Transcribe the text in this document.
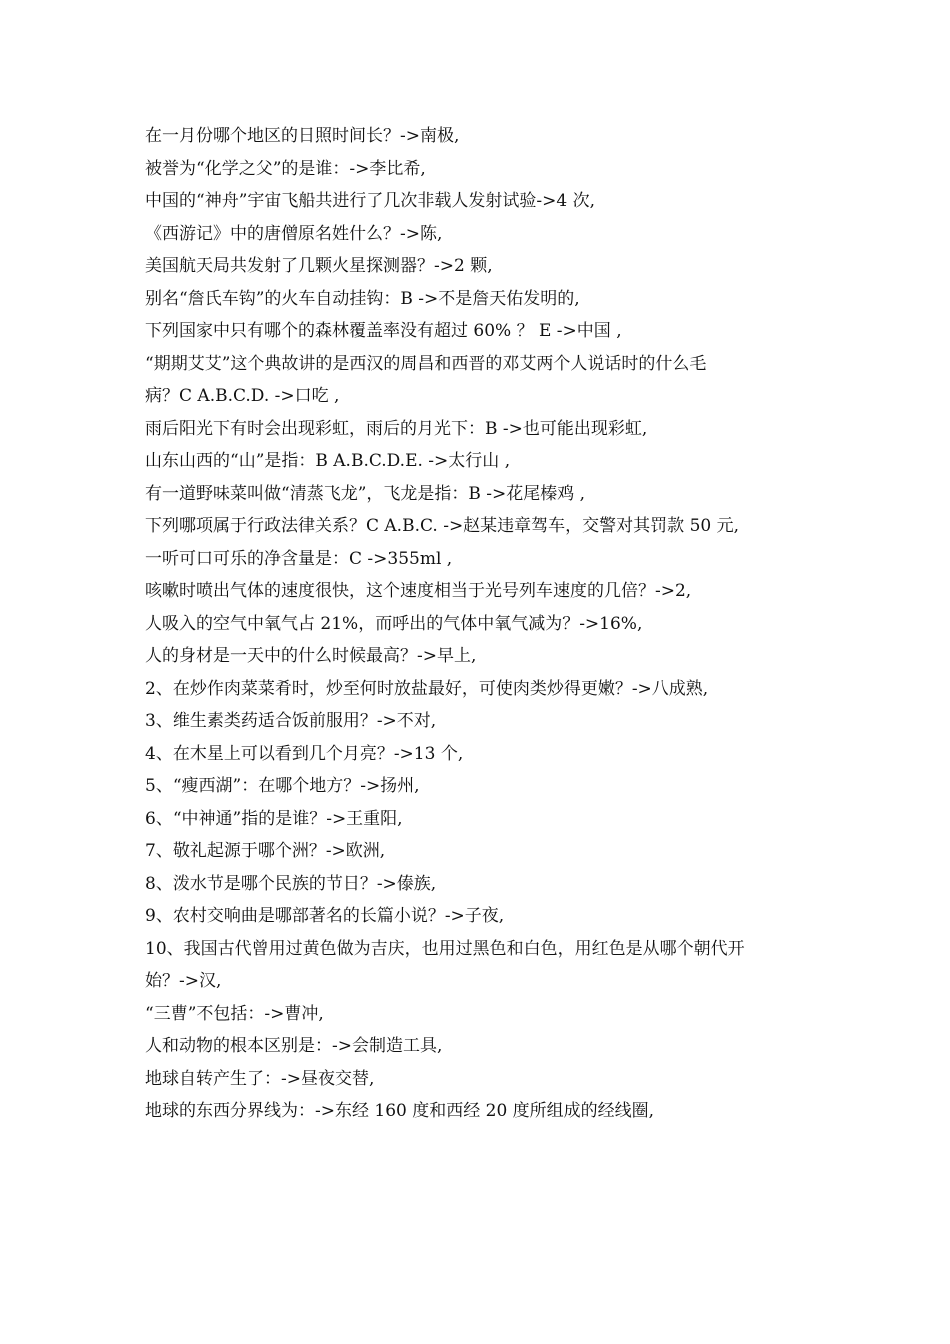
在一月份哪个地区的日照时间长？->南极,
被誉为“化学之父”的是谁：->李比希,
中国的“神舟”宇宙飞船共进行了几次非载人发射试验->4 次,
《西游记》中的唐僧原名姓什么？->陈,
美国航天局共发射了几颗火星探测器？->2 颗,
别名“詹氏车钩”的火车自动挂钩：B ->不是詹天佑发明的,
下列国家中只有哪个的森林覆盖率没有超过 60% ？ E ->中国 ,
“期期艾艾”这个典故讲的是西汉的周昌和西晋的邓艾两个人说话时的什么毛
病？C A.B.C.D. ->口吃 ,
雨后阳光下有时会出现彩虹，雨后的月光下：B ->也可能出现彩虹,
山东山西的“山”是指：B A.B.C.D.E. ->太行山 ,
有一道野味菜叫做“清蒸飞龙”，飞龙是指：B ->花尾榛鸡 ,
下列哪项属于行政法律关系？C A.B.C. ->赵某违章驾车，交警对其罚款 50 元,
一听可口可乐的净含量是：C ->355ml ,
咳嗽时喷出气体的速度很快，这个速度相当于光号列车速度的几倍？->2,
人吸入的空气中氧气占 21%，而呼出的气体中氧气减为？->16%,
人的身材是一天中的什么时候最高？->早上,
2、在炒作肉菜菜肴时，炒至何时放盐最好，可使肉类炒得更嫩？->八成熟,
3、维生素类药适合饭前服用？->不对,
4、在木星上可以看到几个月亮？->13 个,
5、“瘦西湖”：在哪个地方？->扬州,
6、“中神通”指的是谁？->王重阳,
7、敬礼起源于哪个洲？->欧洲,
8、泼水节是哪个民族的节日？->傣族,
9、农村交响曲是哪部著名的长篇小说？->子夜,
10、我国古代曾用过黄色做为吉庆，也用过黑色和白色，用红色是从哪个朝代开
始？->汉,
“三曹”不包括：->曹冲,
人和动物的根本区别是：->会制造工具,
地球自转产生了：->昼夜交替,
地球的东西分界线为：->东经 160 度和西经 20 度所组成的经线圈,
